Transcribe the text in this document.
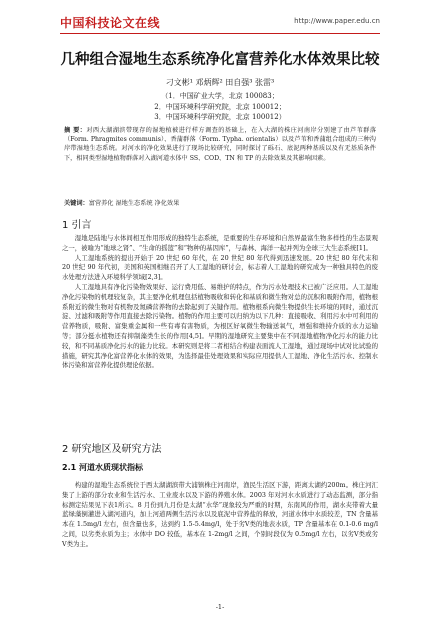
中国科技论文在线	http://www.paper.edu.cn
几种组合湿地生态系统净化富营养化水体效果比较
刁文彬¹ 邓炳辉² 田自强³ 张雷³
（1．中国矿业大学，北京 100083；
2．中国环境科学研究院，北京 100012；
3．中国环境科学研究院，北京 100012）
摘 要：对西大湖湖滨带现存的湿地植被进行样方调查的基础上，在入大湖的株庄河南岸分别建了由芦苇群落（Form. Phragmites communis）、香蒲群落（Form. Typha. orientalis）以及芦苇和香蒲组合组成的三种沟岸带湿地生态系统。对河水的净化效果进行了现场比较研究，同时探讨了砾石、底泥两种基质以及有无基质条件下，相同类型湿地植物群落对入湖河道水体中 SS、COD、TN 和 TP 的去除效果及其影响因素。
关键词：富营养化 湿地生态系统 净化效果
1 引言

湿地是陆地与水体间相互作用形成的独特生态系统，是重要的生存环境和自然界最富生物多样性的生态景观之一，被喻为“地球之肾”、“生命的摇篮”和“物种的基因库”，与森林、海洋一起并列为全球三大生态系统[1]。

人工湿地系统的提出开始于 20 世纪 60 年代，在 20 世纪 80 年代得到迅速发展。20 世纪 80 年代末和 20 世纪 90 年代初，美国和英国相继召开了人工湿地的研讨会，标志着人工湿地的研究成为一种独具特色的废水处理方法进入环境科学领域[2,3]。

人工湿地具有净化污染物效果好、运行费用低、易维护的特点，作为污水处理技术已被广泛应用。人工湿地净化污染物的机理较复杂，其主要净化机理包括植物吸收和转化和基质和微生物对总的沉积和吸附作用，植物根系附近的微生物对有机物及氮磷营养物的去除起到了关键作用。植物根系向微生物提供生长环境的同时，通过沉淀、过滤和吸附等作用直接去除污染物。植物的作用主要可以归纳为以下几种：直接吸收、利用污水中可利用的营养物质，吸附、富集重金属和一些有毒有害物质，为根区好氧微生物输送氧气，增强和维持介质的水力运输等；部分挺水植物还有抑制藻类生长的作用[4,5]。早期的湿地研究主要集中在不同湿地植物净化污水的能力比较，和不同基质净化污水的能力比较。本研究则是将二者相结合构建表面流人工湿地，通过现场中试对比试验的措施，研究其净化富营养化水体的效果，为选择最佳处理效果和实际应用提供人工湿地、净化生活污水、控制水体污染和富营养化提供理论依据。

2 研究地区及研究方法
2.1 河道水质现状指标

构建的湿地生态系统位于西太湖湖滨带大浦镇株庄河南岸，渔民生活区下游，距离太湖约200m。株庄河汇集了上游的部分农业和生活污水、工业废水以及下游的养殖水体。2003 年对河水水质进行了动态监测，部分指标测定结果见下表1所示。8 月份到九月份是太湖“水华”现象较为严重的时期，东南风的作用，湖水夹带着大量蓝绿藻倒灌进入湖河道内，加上河道两侧生活污水以及底泥中营养盐的释放，河道水体中水质较差，TN 含量基本在 1.5mg/l 左右，但含量也多，达到约 1.5-5.4mg/l，处于劣V类的地表水质，TP 含量基本在 0.1-0.6 mg/l 之间，以劣类水质为主；水体中 DO 较低，基本在 1-2mg/l 之间，个别时段仅为 0.5mg/l 左右，以劣V类或劣V类为主。

-1-
